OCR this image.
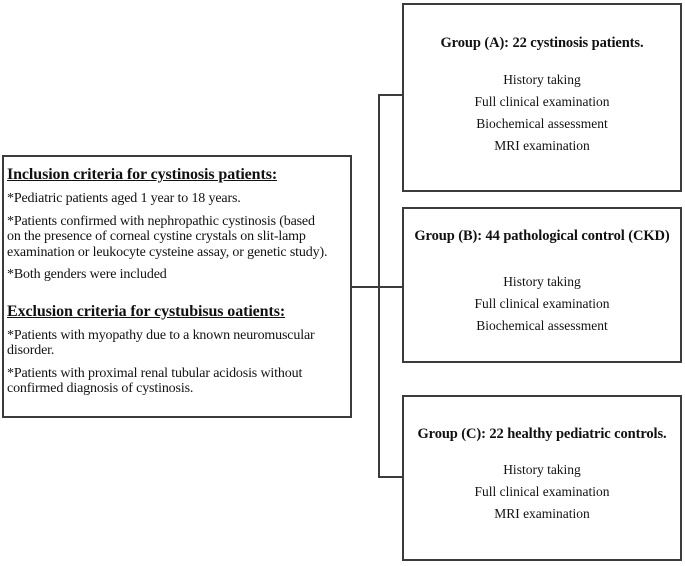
Inclusion criteria for cystinosis patients:
*Pediatric patients aged 1 year to 18 years.
*Patients confirmed with nephropathic cystinosis (based
on the presence of corneal cystine crystals on slit-lamp
examination or leukocyte cysteine assay, or genetic study).
*Both genders were included
Exclusion criteria for cystubisus oatients:
*Patients with myopathy due to a known neuromuscular
disorder.
*Patients with proximal renal tubular acidosis without
confirmed diagnosis of cystinosis.
Group (A): 22 cystinosis patients.
History taking
Full clinical examination
Biochemical assessment
MRI examination
Group (B): 44 pathological control (CKD)
History taking
Full clinical examination
Biochemical assessment
Group (C): 22 healthy pediatric controls.
History taking
Full clinical examination
MRI examination
